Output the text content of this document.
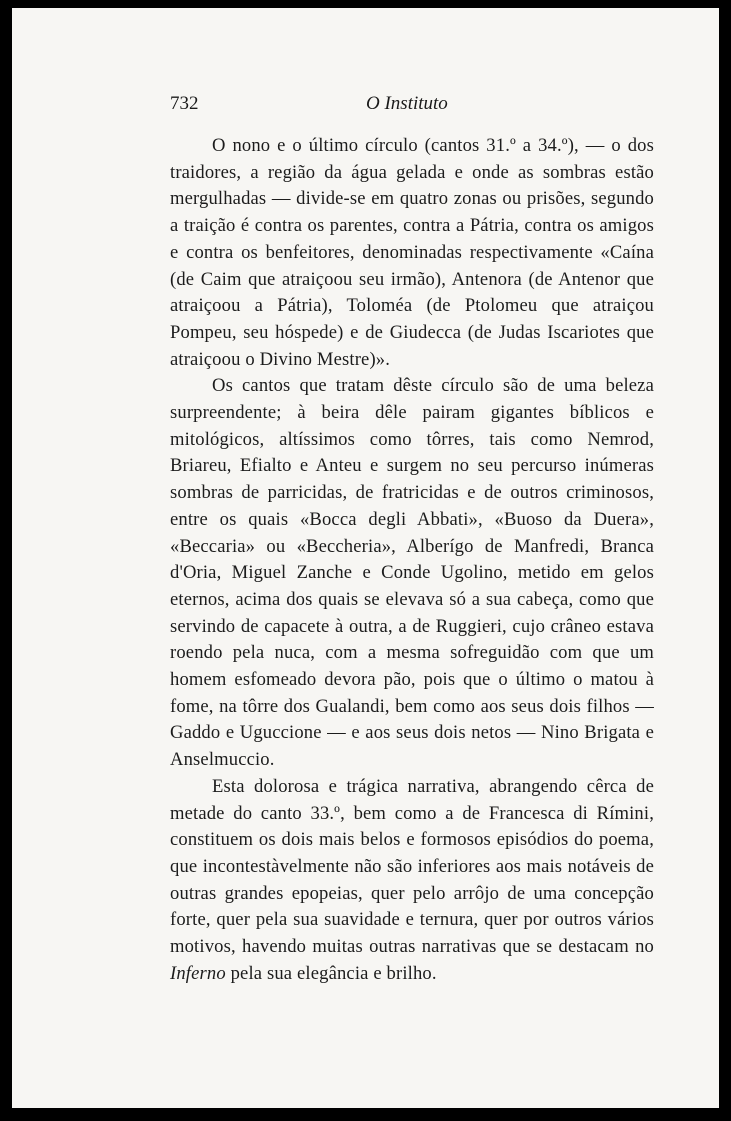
732	O Instituto

O nono e o último círculo (cantos 31.º a 34.º), — o dos traidores, a região da água gelada e onde as sombras estão mergulhadas — divide-se em quatro zonas ou prisões, segundo a traição é contra os parentes, contra a Pátria, contra os amigos e contra os benfeitores, denominadas respectivamente «Caína (de Caim que atraiçoou seu irmão), Antenora (de Antenor que atraiçoou a Pátria), Toloméa (de Ptolomeu que atraiçou Pompeu, seu hóspede) e de Giudecca (de Judas Iscariotes que atraiçoou o Divino Mestre)».

Os cantos que tratam dêste círculo são de uma beleza surpreendente; à beira dêle pairam gigantes bíblicos e mitológicos, altíssimos como tôrres, tais como Nemrod, Briareu, Efialto e Anteu e surgem no seu percurso inúmeras sombras de parricidas, de fratricidas e de outros criminosos, entre os quais «Bocca degli Abbati», «Buoso da Duera», «Beccaria» ou «Beccheria», Alberígo de Manfredi, Branca d'Oria, Miguel Zanche e Conde Ugolino, metido em gelos eternos, acima dos quais se elevava só a sua cabeça, como que servindo de capacete à outra, a de Ruggieri, cujo crâneo estava roendo pela nuca, com a mesma sofreguidão com que um homem esfomeado devora pão, pois que o último o matou à fome, na tôrre dos Gualandi, bem como aos seus dois filhos — Gaddo e Uguccione — e aos seus dois netos — Nino Brigata e Anselmuccio.

Esta dolorosa e trágica narrativa, abrangendo cêrca de metade do canto 33.º, bem como a de Francesca di Rímini, constituem os dois mais belos e formosos episódios do poema, que incontestàvelmente não são inferiores aos mais notáveis de outras grandes epopeias, quer pelo arrôjo de uma concepção forte, quer pela sua suavidade e ternura, quer por outros vários motivos, havendo muitas outras narrativas que se destacam no Inferno pela sua elegância e brilho.
